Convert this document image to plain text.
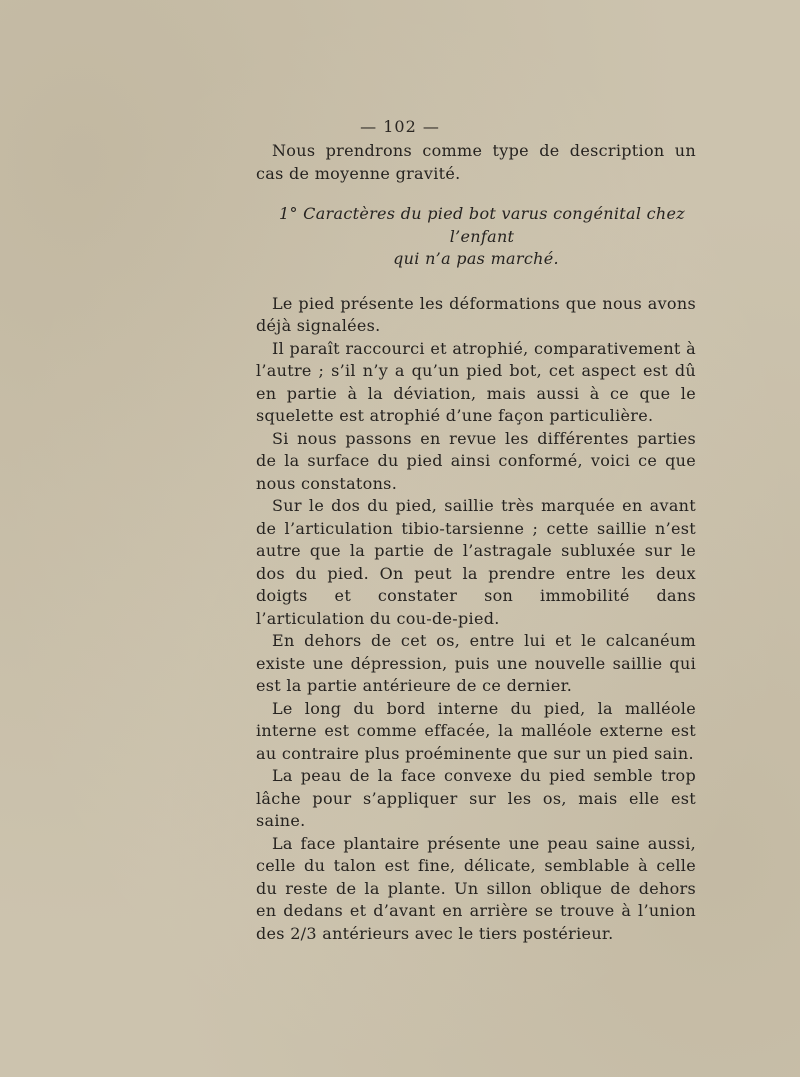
— 102 —

Nous prendrons comme type de description un cas de moyenne gravité.

1° Caractères du pied bot varus congénital chez l’enfant
qui n’a pas marché.

Le pied présente les déformations que nous avons déjà signalées.

Il paraît raccourci et atrophié, comparativement à l’autre ; s’il n’y a qu’un pied bot, cet aspect est dû en partie à la déviation, mais aussi à ce que le squelette est atrophié d’une façon particulière.

Si nous passons en revue les différentes parties de la surface du pied ainsi conformé, voici ce que nous constatons.

Sur le dos du pied, saillie très marquée en avant de l’articulation tibio-tarsienne ; cette saillie n’est autre que la partie de l’astragale subluxée sur le dos du pied. On peut la prendre entre les deux doigts et constater son immobilité dans l’articulation du cou-de-pied.

En dehors de cet os, entre lui et le calcanéum existe une dépression, puis une nouvelle saillie qui est la partie antérieure de ce dernier.

Le long du bord interne du pied, la malléole interne est comme effacée, la malléole externe est au contraire plus proéminente que sur un pied sain.

La peau de la face convexe du pied semble trop lâche pour s’appliquer sur les os, mais elle est saine.

La face plantaire présente une peau saine aussi, celle du talon est fine, délicate, semblable à celle du reste de la plante. Un sillon oblique de dehors en dedans et d’avant en arrière se trouve à l’union des 2/3 antérieurs avec le tiers postérieur.
